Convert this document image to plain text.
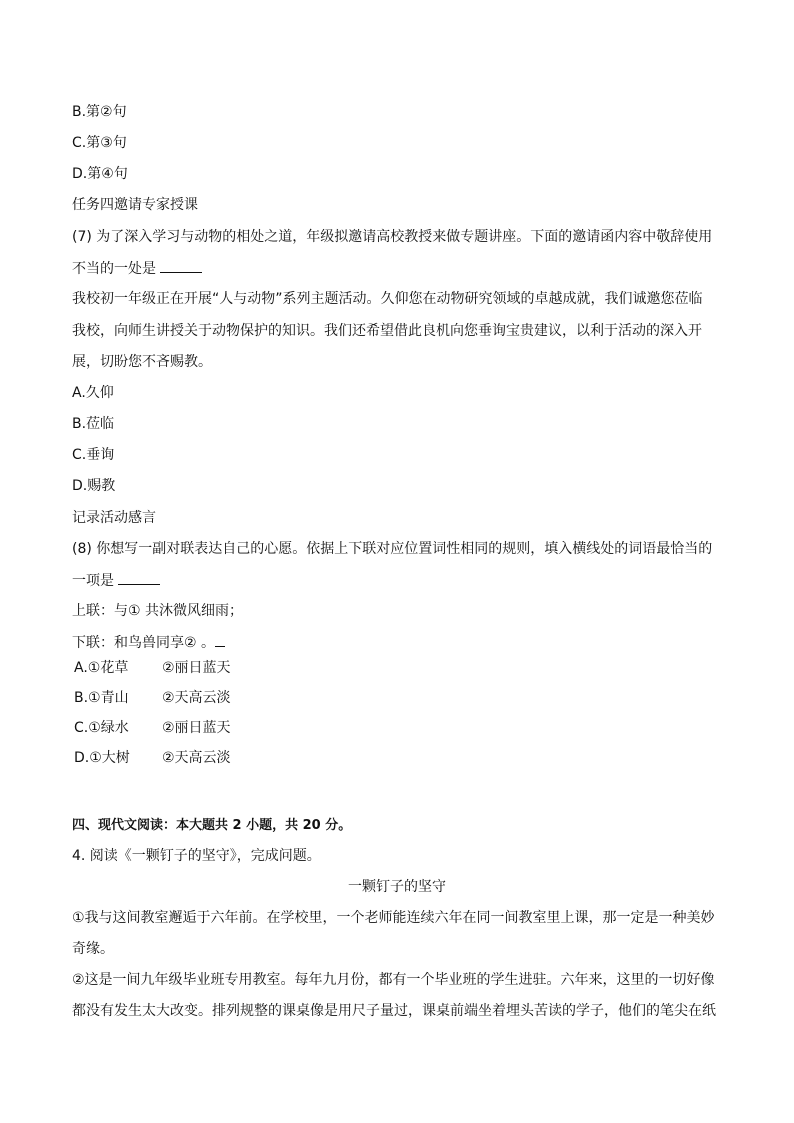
B.第②句
C.第③句
D.第④句
任务四邀请专家授课
(7) 为了深入学习与动物的相处之道，年级拟邀请高校教授来做专题讲座。下面的邀请函内容中敬辞使用
不当的一处是
我校初一年级正在开展“人与动物”系列主题活动。久仰您在动物研究领域的卓越成就，我们诚邀您莅临
我校，向师生讲授关于动物保护的知识。我们还希望借此良机向您垂询宝贵建议，以利于活动的深入开
展，切盼您不吝赐教。
A.久仰
B.莅临
C.垂询
D.赐教
记录活动感言
(8) 你想写一副对联表达自己的心愿。依据上下联对应位置词性相同的规则，填入横线处的词语最恰当的
一项是
上联：与① 共沐微风细雨；
下联：和鸟兽同享② 。
A.①花草 ②丽日蓝天
B.①青山 ②天高云淡
C.①绿水 ②丽日蓝天
D.①大树 ②天高云淡
四、现代文阅读：本大题共 2 小题，共 20 分。
4. 阅读《一颗钉子的坚守》，完成问题。
一颗钉子的坚守
①我与这间教室邂逅于六年前。在学校里，一个老师能连续六年在同一间教室里上课，那一定是一种美妙
奇缘。
②这是一间九年级毕业班专用教室。每年九月份，都有一个毕业班的学生进驻。六年来，这里的一切好像
都没有发生太大改变。排列规整的课桌像是用尺子量过，课桌前端坐着埋头苦读的学子，他们的笔尖在纸
